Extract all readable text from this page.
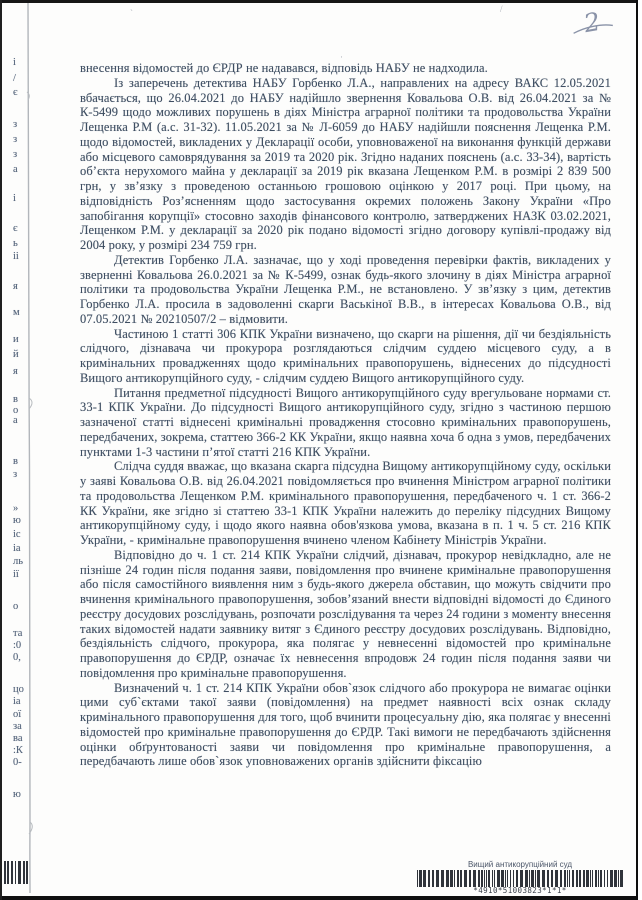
`	/
·
і
/
є
з
з
з
а
і
є
ь
іі
я
м
и
й
я
в
о
а
в
з
»
ю
іс
іа
ль
ії
о
та
:0
0,
цо
іа
ої
за
ва
:К
0-
ю
2

внесення відомостей до ЄРДР не надавався, відповідь НАБУ не надходила.

Із заперечень детектива НАБУ Горбенко Л.А., направлених на адресу ВАКС 12.05.2021 вбачається, що 26.04.2021 до НАБУ надійшло звернення Ковальова О.В. від 26.04.2021 за № К-5499 щодо можливих порушень в діях Міністра аграрної політики та продовольства України Лещенка Р.М (а.с. 31-32). 11.05.2021 за № Л-6059 до НАБУ надійшли пояснення Лещенка Р.М. щодо відомостей, викладених у Декларації особи, уповноваженої на виконання функцій держави або місцевого самоврядування за 2019 та 2020 рік. Згідно наданих пояснень (а.с. 33-34), вартість об’єкта нерухомого майна у декларації за 2019 рік вказана Лещенком Р.М. в розмірі 2 839 500 грн, у зв’язку з проведеною останньою грошовою оцінкою у 2017 році. При цьому, на відповідність Роз’ясненням щодо застосування окремих положень Закону України «Про запобігання корупції» стосовно заходів фінансового контролю, затверджених НАЗК 03.02.2021, Лещенком Р.М. у декларації за 2020 рік подано відомості згідно договору купівлі-продажу від 2004 року, у розмірі 234 759 грн.

Детектив Горбенко Л.А. зазначає, що у ході проведення перевірки фактів, викладених у зверненні Ковальова 26.0.2021 за № К-5499, ознак будь-якого злочину в діях Міністра аграрної політики та продовольства України Лещенка Р.М., не встановлено. У зв’язку з цим, детектив Горбенко Л.А. просила в задоволенні скарги Васькіної В.В., в інтересах Ковальова О.В., від 07.05.2021 № 20210507/2 – відмовити.

Частиною 1 статті 306 КПК України визначено, що скарги на рішення, дії чи бездіяльність слідчого, дізнавача чи прокурора розглядаються слідчим суддею місцевого суду, а в кримінальних провадженнях щодо кримінальних правопорушень, віднесених до підсудності Вищого антикорупційного суду, - слідчим суддею Вищого антикорупційного суду.

Питання предметної підсудності Вищого антикорупційного суду врегульоване нормами ст. 33-1 КПК України. До підсудності Вищого антикорупційного суду, згідно з частиною першою зазначеної статті віднесені кримінальні провадження стосовно кримінальних правопорушень, передбачених, зокрема, статтею 366-2 КК України, якщо наявна хоча б одна з умов, передбачених пунктами 1-3 частини п’ятої статті 216 КПК України.

Слідча суддя вважає, що вказана скарга підсудна Вищому антикорупційному суду, оскільки у заяві Ковальова О.В. від 26.04.2021 повідомляється про вчинення Міністром аграрної політики та продовольства Лещенком Р.М. кримінального правопорушення, передбаченого ч. 1 ст. 366-2 КК України, яке згідно зі статтею 33-1 КПК України належить до переліку підсудних Вищому антикорупційному суду, і щодо якого наявна обов'язкова умова, вказана в п. 1 ч. 5 ст. 216 КПК України, - кримінальне правопорушення вчинено членом Кабінету Міністрів України.

Відповідно до ч. 1 ст. 214 КПК України слідчий, дізнавач, прокурор невідкладно, але не пізніше 24 годин після подання заяви, повідомлення про вчинене кримінальне правопорушення або після самостійного виявлення ним з будь-якого джерела обставин, що можуть свідчити про вчинення кримінального правопорушення, зобов’язаний внести відповідні відомості до Єдиного реєстру досудових розслідувань, розпочати розслідування та через 24 години з моменту внесення таких відомостей надати заявнику витяг з Єдиного реєстру досудових розслідувань. Відповідно, бездіяльність слідчого, прокурора, яка полягає у невнесенні відомостей про кримінальне правопорушення до ЄРДР, означає їх невнесення впродовж 24 годин після подання заяви чи повідомлення про кримінальне правопорушення.

Визначений ч. 1 ст. 214 КПК України обов`язок слідчого або прокурора не вимагає оцінки цими суб`єктами такої заяви (повідомлення) на предмет наявності всіх ознак складу кримінального правопорушення для того, щоб вчинити процесуальну дію, яка полягає у внесенні відомостей про кримінальне правопорушення до ЄРДР. Такі вимоги не передбачають здійснення оцінки обґрунтованості заяви чи повідомлення про кримінальне правопорушення, а передбачають лише обов`язок уповноважених органів здійснити фіксацію

Вищий антикорупційний суд
*4910*51003823*1*1*
